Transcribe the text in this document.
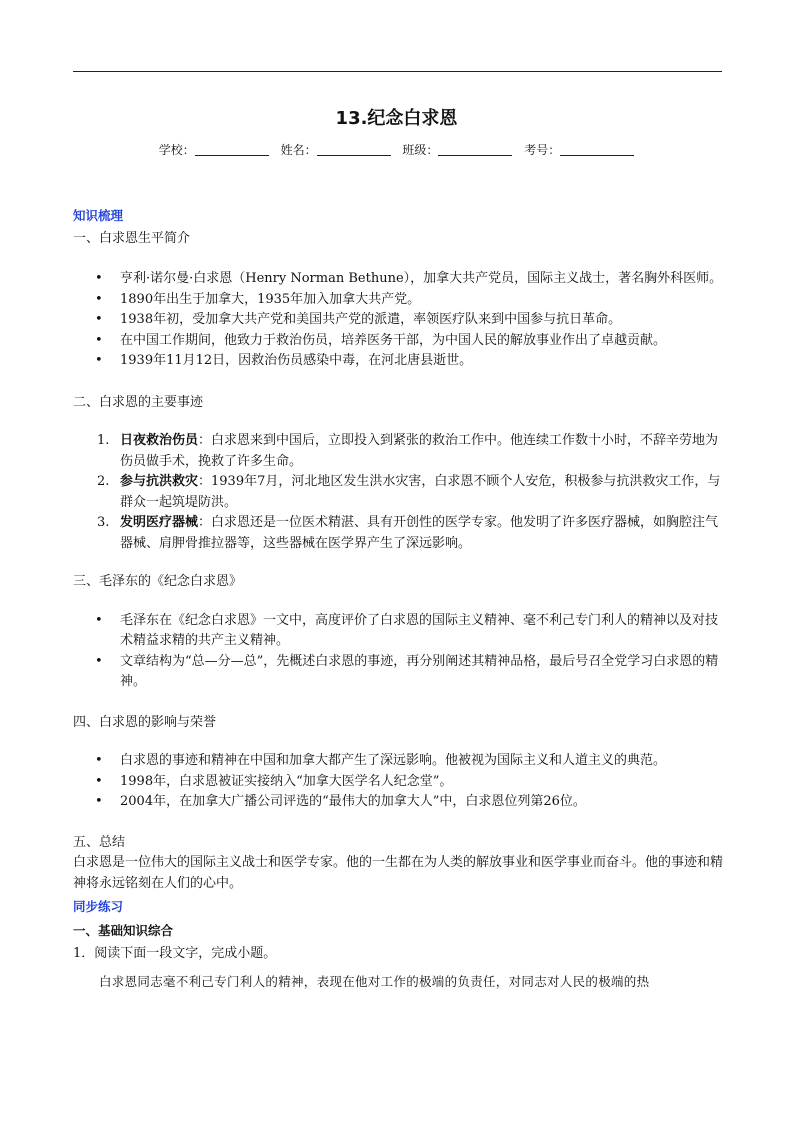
13.纪念白求恩
学校：	姓名：	班级：	考号：
知识梳理
一、白求恩生平简介
• 亨利·诺尔曼·白求恩（Henry Norman Bethune），加拿大共产党员，国际主义战士，著名胸外科医师。
• 1890年出生于加拿大，1935年加入加拿大共产党。
• 1938年初，受加拿大共产党和美国共产党的派遣，率领医疗队来到中国参与抗日革命。
• 在中国工作期间，他致力于救治伤员，培养医务干部，为中国人民的解放事业作出了卓越贡献。
• 1939年11月12日，因救治伤员感染中毒，在河北唐县逝世。
二、白求恩的主要事迹
1. 日夜救治伤员：白求恩来到中国后，立即投入到紧张的救治工作中。他连续工作数十小时，不辞辛劳地为伤员做手术，挽救了许多生命。
2. 参与抗洪救灾：1939年7月，河北地区发生洪水灾害，白求恩不顾个人安危，积极参与抗洪救灾工作，与群众一起筑堤防洪。
3. 发明医疗器械：白求恩还是一位医术精湛、具有开创性的医学专家。他发明了许多医疗器械，如胸腔注气器械、肩胛骨推拉器等，这些器械在医学界产生了深远影响。
三、毛泽东的《纪念白求恩》
• 毛泽东在《纪念白求恩》一文中，高度评价了白求恩的国际主义精神、毫不利己专门利人的精神以及对技术精益求精的共产主义精神。
• 文章结构为“总—分—总”，先概述白求恩的事迹，再分别阐述其精神品格，最后号召全党学习白求恩的精神。
四、白求恩的影响与荣誉
• 白求恩的事迹和精神在中国和加拿大都产生了深远影响。他被视为国际主义和人道主义的典范。
• 1998年，白求恩被证实接纳入“加拿大医学名人纪念堂”。
• 2004年，在加拿大广播公司评选的“最伟大的加拿大人”中，白求恩位列第26位。
五、总结
白求恩是一位伟大的国际主义战士和医学专家。他的一生都在为人类的解放事业和医学事业而奋斗。他的事迹和精神将永远铭刻在人们的心中。
同步练习
一、基础知识综合
1．阅读下面一段文字，完成小题。
白求恩同志毫不利己专门利人的精神，表现在他对工作的极端的负责任，对同志对人民的极端的热
